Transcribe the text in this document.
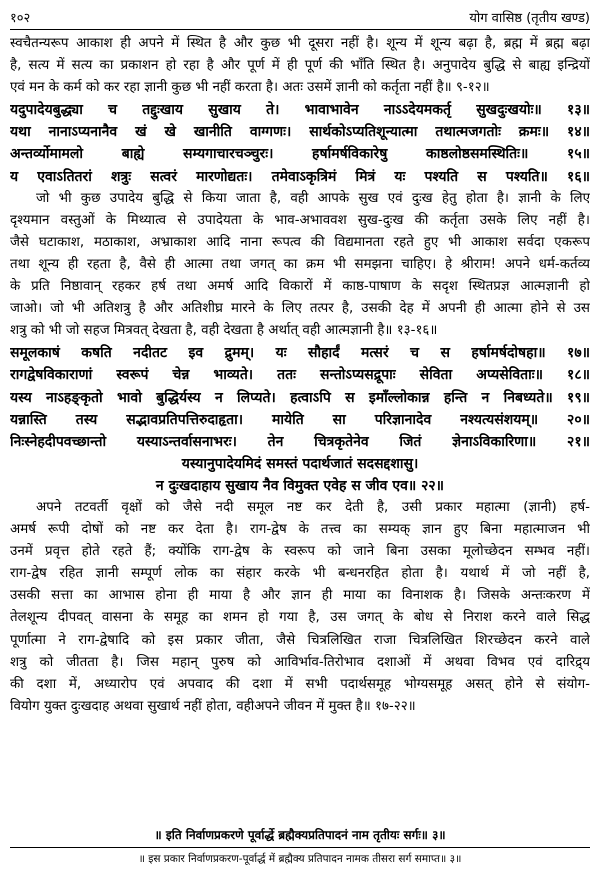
१०२	योग वासिष्ठ (तृतीय खण्ड)
स्वचैतन्यरूप आकाश ही अपने में स्थित है और कुछ भी दूसरा नहीं है। शून्य में शून्य बढ़ा है, ब्रह्म में ब्रह्म बढ़ा
है, सत्य में सत्य का प्रकाशन हो रहा है और पूर्ण में ही पूर्ण की भाँति स्थित है। अनुपादेय बुद्धि से बाह्य इन्द्रियों
एवं मन के कर्म को कर रहा ज्ञानी कुछ भी नहीं करता है। अतः उसमें ज्ञानी को कर्तृता नहीं है॥ ९-१२॥
यदुपादेयबुद्ध्या च तद्दुःखाय सुखाय ते। भावाभावेन नाऽऽदेयमकर्तृ सुखदुःखयोः॥ १३॥
यथा नानाऽप्यनानैव खं खे खानीति वाग्गणः। सार्थकोऽप्यतिशून्यात्मा तथात्मजगतोः क्रमः॥ १४॥
अन्तर्व्योमामलो बाह्ये सम्यगाचारचञ्चुरः। हर्षामर्षविकारेषु काष्ठलोष्ठसमस्थितिः॥ १५॥
य एवाऽतितरां शत्रुः सत्वरं मारणोद्यतः। तमेवाऽकृत्रिमं मित्रं यः पश्यति स पश्यति॥ १६॥
जो भी कुछ उपादेय बुद्धि से किया जाता है, वही आपके सुख एवं दुःख हेतु होता है। ज्ञानी के लिए
दृश्यमान वस्तुओं के मिथ्यात्व से उपादेयता के भाव-अभाववश सुख-दुःख की कर्तृता उसके लिए नहीं है।
जैसे घटाकाश, मठाकाश, अभ्राकाश आदि नाना रूपत्व की विद्यमानता रहते हुए भी आकाश सर्वदा एकरूप
तथा शून्य ही रहता है, वैसे ही आत्मा तथा जगत् का क्रम भी समझना चाहिए। हे श्रीराम! अपने धर्म-कर्तव्य
के प्रति निष्ठावान् रहकर हर्ष तथा अमर्ष आदि विकारों में काष्ठ-पाषाण के सदृश स्थितप्रज्ञ आत्मज्ञानी हो
जाओ। जो भी अतिशत्रु है और अतिशीघ्र मारने के लिए तत्पर है, उसकी देह में अपनी ही आत्मा होने से उस
शत्रु को भी जो सहज मित्रवत् देखता है, वही देखता है अर्थात् वही आत्मज्ञानी है॥ १३-१६॥
समूलकाषं कषति नदीतट इव द्रुमम्। यः सौहार्दं मत्सरं च स हर्षामर्षदोषहा॥ १७॥
रागद्वेषविकाराणां स्वरूपं चेन्न भाव्यते। ततः सन्तोऽप्यसद्रूपाः सेविता अप्यसेविताः॥ १८॥
यस्य नाऽहङ्कृतो भावो बुद्धिर्यस्य न लिप्यते। हत्वाऽपि स इमाँल्लोकान्न हन्ति न निबध्यते॥ १९॥
यन्नास्ति तस्य सद्भावप्रतिपत्तिरुदाहृता। मायेति सा परिज्ञानादेव नश्यत्यसंशयम्॥ २०॥
निःस्नेहदीपवच्छान्तो यस्याऽन्तर्वासनाभरः। तेन चित्रकृतेनेव जितं ज्ञेनाऽविकारिणा॥ २१॥
यस्यानुपादेयमिदं समस्तं पदार्थजातं सदसद्दशासु।
न दुःखदाहाय सुखाय नैव विमुक्त एवेह स जीव एव॥ २२॥
अपने तटवर्ती वृक्षों को जैसे नदी समूल नष्ट कर देती है, उसी प्रकार महात्मा (ज्ञानी) हर्ष-
अमर्ष रूपी दोषों को नष्ट कर देता है। राग-द्वेष के तत्त्व का सम्यक् ज्ञान हुए बिना महात्माजन भी
उनमें प्रवृत्त होते रहते हैं; क्योंकि राग-द्वेष के स्वरूप को जाने बिना उसका मूलोच्छेदन सम्भव नहीं।
राग-द्वेष रहित ज्ञानी सम्पूर्ण लोक का संहार करके भी बन्धनरहित होता है। यथार्थ में जो नहीं है,
उसकी सत्ता का आभास होना ही माया है और ज्ञान ही माया का विनाशक है। जिसके अन्तःकरण में
तेलशून्य दीपवत् वासना के समूह का शमन हो गया है, उस जगत् के बोध से निराश करने वाले सिद्ध
पूर्णात्मा ने राग-द्वेषादि को इस प्रकार जीता, जैसे चित्रलिखित राजा चित्रलिखित शिरच्छेदन करने वाले
शत्रु को जीतता है। जिस महान् पुरुष को आविर्भाव-तिरोभाव दशाओं में अथवा विभव एवं दारिद्र्य
की दशा में, अध्यारोप एवं अपवाद की दशा में सभी पदार्थसमूह भोग्यसमूह असत् होने से संयोग-
वियोग युक्त दुःखदाह अथवा सुखार्थ नहीं होता, वहीअपने जीवन में मुक्त है॥ १७-२२॥
॥ इति निर्वाणप्रकरणे पूर्वार्द्धे ब्रह्मैक्यप्रतिपादनं नाम तृतीयः सर्गः॥ ३॥
॥ इस प्रकार निर्वाणप्रकरण-पूर्वार्द्ध में ब्रह्मैक्य प्रतिपादन नामक तीसरा सर्ग समाप्त॥ ३॥
